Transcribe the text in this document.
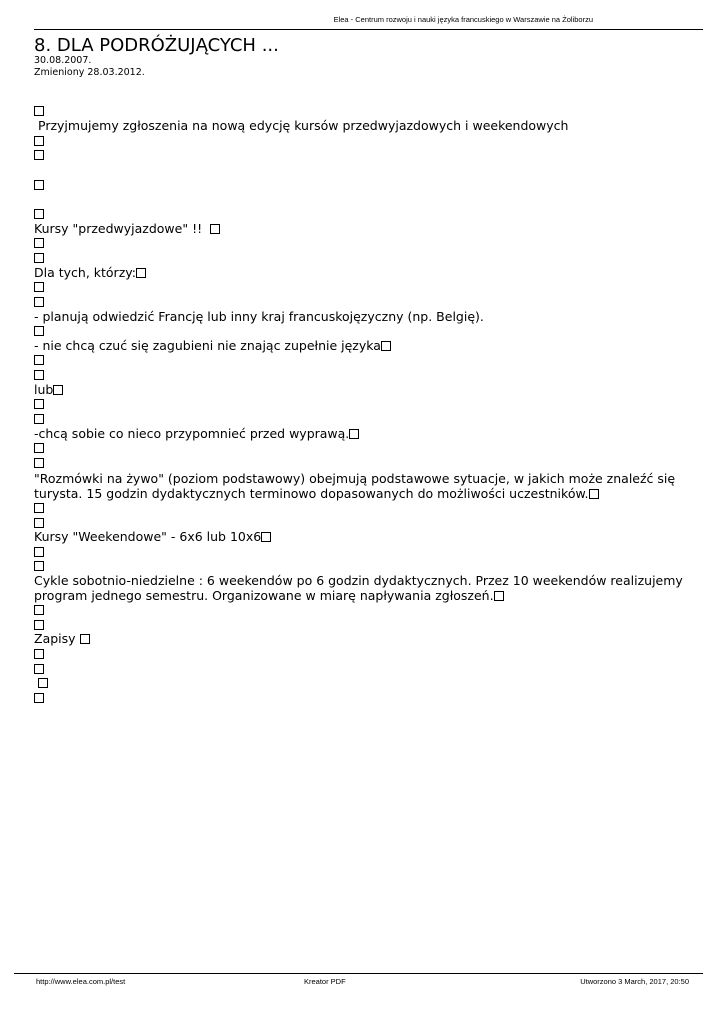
Elea - Centrum rozwoju i nauki języka francuskiego w Warszawie na Żoliborzu
8. DLA PODRÓŻUJĄCYCH ...
30.08.2007.
Zmieniony 28.03.2012.
Przyjmujemy zgłoszenia na nową edycję kursów przedwyjazdowych i weekendowych
Kursy "przedwyjazdowe" !!
Dla tych, którzy:
- planują odwiedzić Francję lub inny kraj francuskojęzyczny (np. Belgię).
- nie chcą czuć się zagubieni nie znając zupełnie języka
lub
-chcą sobie co nieco przypomnieć przed wyprawą.
"Rozmówki na żywo" (poziom podstawowy) obejmują podstawowe sytuacje, w jakich może znaleźć się
turysta. 15 godzin dydaktycznych terminowo dopasowanych do możliwości uczestników.
Kursy "Weekendowe" - 6x6 lub 10x6
Cykle sobotnio-niedzielne : 6 weekendów po 6 godzin dydaktycznych. Przez 10 weekendów realizujemy
program jednego semestru. Organizowane w miarę napływania zgłoszeń.
Zapisy
http://www.elea.com.pl/test	Kreator PDF	Utworzono 3 March, 2017, 20:50
